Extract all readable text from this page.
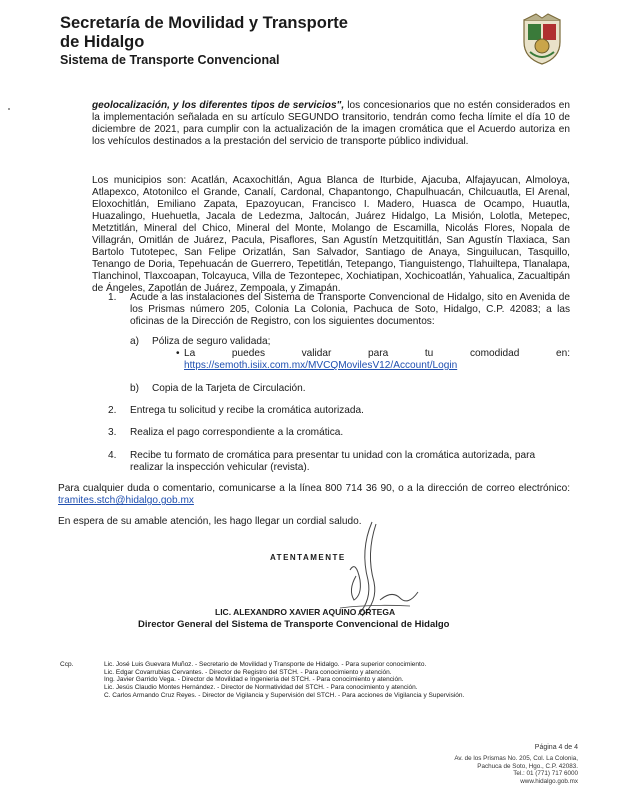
Secretaría de Movilidad y Transporte
de Hidalgo
Sistema de Transporte Convencional
geolocalización, y los diferentes tipos de servicios", los concesionarios que no estén considerados en la implementación señalada en su artículo SEGUNDO transitorio, tendrán como fecha límite el día 10 de diciembre de 2021, para cumplir con la actualización de la imagen cromática que el Acuerdo autoriza en los vehículos destinados a la prestación del servicio de transporte público individual.
Los municipios son: Acatlán, Acaxochitlán, Agua Blanca de Iturbide, Ajacuba, Alfajayucan, Almoloya, Atlapexco, Atotonilco el Grande, Canalí, Cardonal, Chapantongo, Chapulhuacán, Chilcuautla, El Arenal, Eloxochitlán, Emiliano Zapata, Epazoyucan, Francisco I. Madero, Huasca de Ocampo, Huautla, Huazalingo, Huehuetla, Jacala de Ledezma, Jaltocán, Juárez Hidalgo, La Misión, Lolotla, Metepec, Metztitlán, Mineral del Chico, Mineral del Monte, Molango de Escamilla, Nicolás Flores, Nopala de Villagrán, Omitlán de Juárez, Pacula, Pisaflores, San Agustín Metzquititlán, San Agustín Tlaxiaca, San Bartolo Tutotepec, San Felipe Orizatlán, San Salvador, Santiago de Anaya, Singuilucan, Tasquillo, Tenango de Doria, Tepehuacán de Guerrero, Tepetitlán, Tetepango, Tianguistengo, Tlahuiltepa, Tlanalapa, Tlanchinol, Tlaxcoapan, Tolcayuca, Villa de Tezontepec, Xochiatipan, Xochicoatlán, Yahualica, Zacualtipán de Ángeles, Zapotlán de Juárez, Zempoala, y Zimapán.
1. Acude a las instalaciones del Sistema de Transporte Convencional de Hidalgo, sito en Avenida de los Prismas número 205, Colonia La Colonia, Pachuca de Soto, Hidalgo, C.P. 42083; a las oficinas de la Dirección de Registro, con los siguientes documentos:
a) Póliza de seguro validada;
• La puedes validar para tu comodidad en:
https://semoth.isiix.com.mx/MVCQMovilesV12/Account/Login
b) Copia de la Tarjeta de Circulación.
2. Entrega tu solicitud y recibe la cromática autorizada.
3. Realiza el pago correspondiente a la cromática.
4. Recibe tu formato de cromática para presentar tu unidad con la cromática autorizada, para realizar la inspección vehicular (revista).
Para cualquier duda o comentario, comunicarse a la línea 800 714 36 90, o a la dirección de correo electrónico: tramites.stch@hidalgo.gob.mx
En espera de su amable atención, les hago llegar un cordial saludo.
ATENTAMENTE
LIC. ALEXANDRO XAVIER AQUINO ORTEGA
Director General del Sistema de Transporte Convencional de Hidalgo
Ccp.	Lic. José Luis Guevara Muñoz. - Secretario de Movilidad y Transporte de Hidalgo. - Para superior conocimiento.
Lic. Edgar Covarrubias Cervantes. - Director de Registro del STCH. - Para conocimiento y atención.
Ing. Javier Garrido Vega. - Director de Movilidad e Ingeniería del STCH. - Para conocimiento y atención.
Lic. Jesús Claudio Montes Hernández. - Director de Normatividad del STCH. - Para conocimiento y atención.
C. Carlos Armando Cruz Reyes. - Director de Vigilancia y Supervisión del STCH. - Para acciones de Vigilancia y Supervisión.
Página 4 de 4
Av. de los Prismas No. 205, Col. La Colonia,
Pachuca de Soto, Hgo., C.P. 42083.
Tel.: 01 (771) 717 6000
www.hidalgo.gob.mx
